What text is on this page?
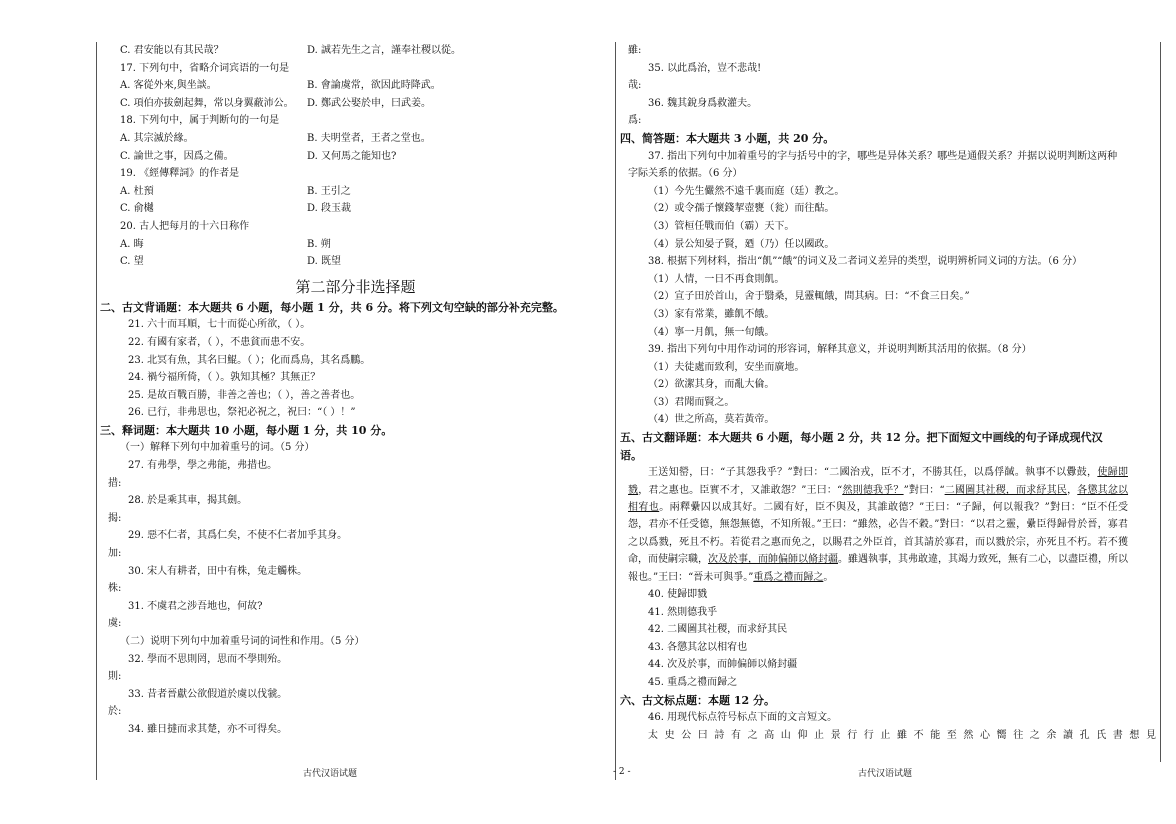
C. 君安能以有其民哉？	D. 誠若先生之言，謹奉社稷以從。
17. 下列句中，省略介词宾语的一句是
A. 客從外來,與坐談。	B. 會論虞常，欲因此時降武。
C. 項伯亦拔劍起舞，常以身翼蔽沛公。	D. 鄭武公娶於申，曰武姜。
18. 下列句中，属于判断句的一句是
A. 其宗滅於緣。	B. 夫明堂者，王者之堂也。
C. 論世之事，因爲之備。	D. 又何馬之能知也?
19. 《經傳釋詞》的作者是
A. 杜預	B. 王引之
C. 俞樾	D. 段玉裁
20. 古人把每月的十六日称作
A. 晦	B. 朔
C. 望	D. 既望
第二部分非选择题
二、古文背诵题：本大题共 6 小题，每小题 1 分，共 6 分。将下列文句空缺的部分补充完整。
21. 六十而耳順，七十而從心所欲，（ ）。
22. 有國有家者，（ ），不患貧而患不安。
23. 北冥有魚，其名曰鯤。（ ）；化而爲鳥，其名爲鵬。
24. 禍兮福所倚，（ ）。孰知其極？其無正？
25. 是故百戰百勝，非善之善也；（ ），善之善者也。
26. 已行，非弗思也，祭祀必祝之，祝曰：“（ ）！”
三、释词题：本大题共 10 小题，每小题 1 分，共 10 分。
（一）解释下列句中加着重号的词。（5 分）
27. 有弗學，學之弗能，弗措也。
措:
28. 於是乘其車，揭其劍。
揭:
29. 惡不仁者，其爲仁矣，不使不仁者加乎其身。
加:
30. 宋人有耕者，田中有株，兔走觸株。
株:
31. 不虞君之涉吾地也，何故?
虞:
（二）说明下列句中加着重号词的词性和作用。（5 分）
32. 學而不思則罔，思而不學則殆。
則:
33. 昔者晉獻公欲假道於虞以伐虢。
於:
34. 雖日撻而求其楚，亦不可得矣。
雖:
35. 以此爲治，豈不悲哉!
哉:
36. 魏其銳身爲救灌夫。
爲:
四、简答题：本大题共 3 小题，共 20 分。
37. 指出下列句中加着重号的字与括号中的字，哪些是异体关系？哪些是通假关系？并据以说明判断这两种
字际关系的依据。（6 分）
（1）今先生儼然不遠千裏而庭（廷）教之。
（2）或令孺子懷錢挈壺甕（瓮）而往酤。
（3）管桓任戰而伯（霸）天下。
（4）景公知晏子賢，廼（乃）任以國政。
38. 根据下列材料，指出“飢”“餓”的词义及二者词义差异的类型，说明辨析同义词的方法。（6 分）
（1）人情，一日不再食則飢。
（2）宣子田於首山，舍于翳桑，見靈輒餓，問其病。曰：“不食三日矣。”
（3）家有常業，雖飢不餓。
（4）寧一月飢，無一旬餓。
39. 指出下列句中用作动词的形容词，解释其意义，并说明判断其活用的依据。（8 分）
（1）夫徒處而致利，安坐而廣地。
（2）欲潔其身，而亂大倫。
（3）君聞而賢之。
（4）世之所高，莫若黃帝。
五、古文翻译题：本大题共 6 小题，每小题 2 分，共 12 分。把下面短文中画线的句子译成现代汉
语。
王送知罃，曰：“子其怨我乎？”對曰：“二國治戎，臣不才，不勝其任，以爲俘馘。執事不以釁鼓，使歸即戮，君之惠也。臣實不才，又誰敢怨？”王曰：“然則德我乎？”對曰：“二國圖其社稷，而求紓其民，各懲其忿以相宥也。兩釋纍囚以成其好。二國有好，臣不與及，其誰敢德？”王曰：“子歸，何以報我？”對曰：“臣不任受怨，君亦不任受德，無怨無德，不知所報。”王曰：“雖然，必告不穀。”對曰：“以君之靈，纍臣得歸骨於晉，寡君之以爲戮，死且不朽。若從君之惠而免之，以賜君之外臣首，首其請於寡君，而以戮於宗，亦死且不朽。若不獲命，而使嗣宗職，次及於事，而帥偏師以脩封疆。雖遇執事，其弗敢違，其竭力致死，無有二心，以盡臣禮，所以報也。”王曰：“晉未可與爭。”重爲之禮而歸之。
40. 使歸即戮
41. 然則德我乎
42. 二國圖其社稷，而求紓其民
43. 各懲其忿以相宥也
44. 次及於事，而帥偏師以脩封疆
45. 重爲之禮而歸之
六、古文标点题：本题 12 分。
46. 用现代标点符号标点下面的文言短文。
太史公曰詩有之高山仰止景行行止雖不能至然心嚮往之余讀孔氏書想見
古代汉语试题	- 2 -	古代汉语试题
